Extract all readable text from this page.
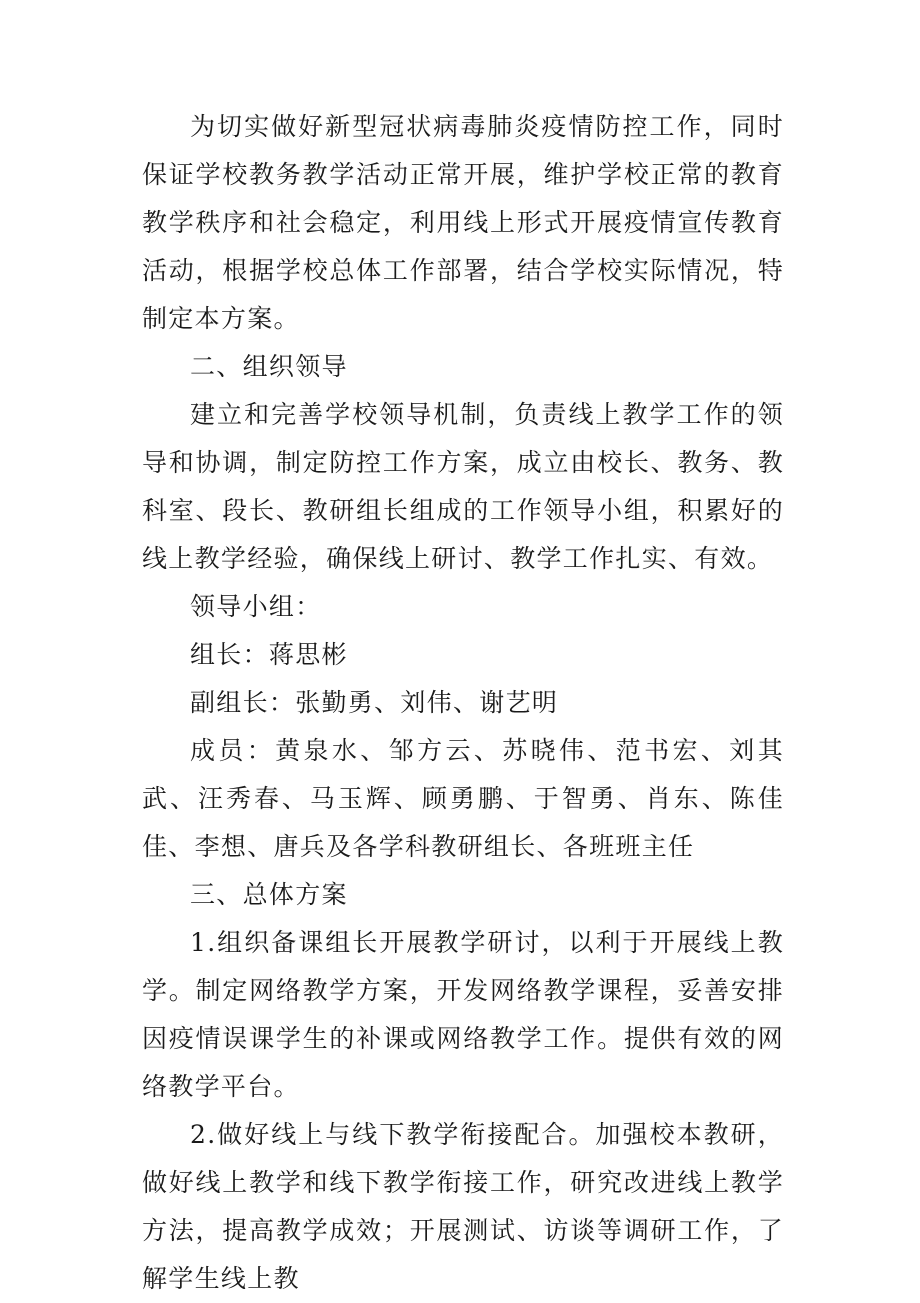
为切实做好新型冠状病毒肺炎疫情防控工作，同时保证学校教务教学活动正常开展，维护学校正常的教育教学秩序和社会稳定，利用线上形式开展疫情宣传教育活动，根据学校总体工作部署，结合学校实际情况，特制定本方案。

二、组织领导

建立和完善学校领导机制，负责线上教学工作的领导和协调，制定防控工作方案，成立由校长、教务、教科室、段长、教研组长组成的工作领导小组，积累好的线上教学经验，确保线上研讨、教学工作扎实、有效。

领导小组：

组长：蒋思彬

副组长：张勤勇、刘伟、谢艺明

成员：黄泉水、邹方云、苏晓伟、范书宏、刘其武、汪秀春、马玉辉、顾勇鹏、于智勇、肖东、陈佳佳、李想、唐兵及各学科教研组长、各班班主任

三、总体方案

1.组织备课组长开展教学研讨，以利于开展线上教学。制定网络教学方案，开发网络教学课程，妥善安排因疫情误课学生的补课或网络教学工作。提供有效的网络教学平台。

2.做好线上与线下教学衔接配合。加强校本教研，做好线上教学和线下教学衔接工作，研究改进线上教学方法，提高教学成效；开展测试、访谈等调研工作，了解学生线上教
